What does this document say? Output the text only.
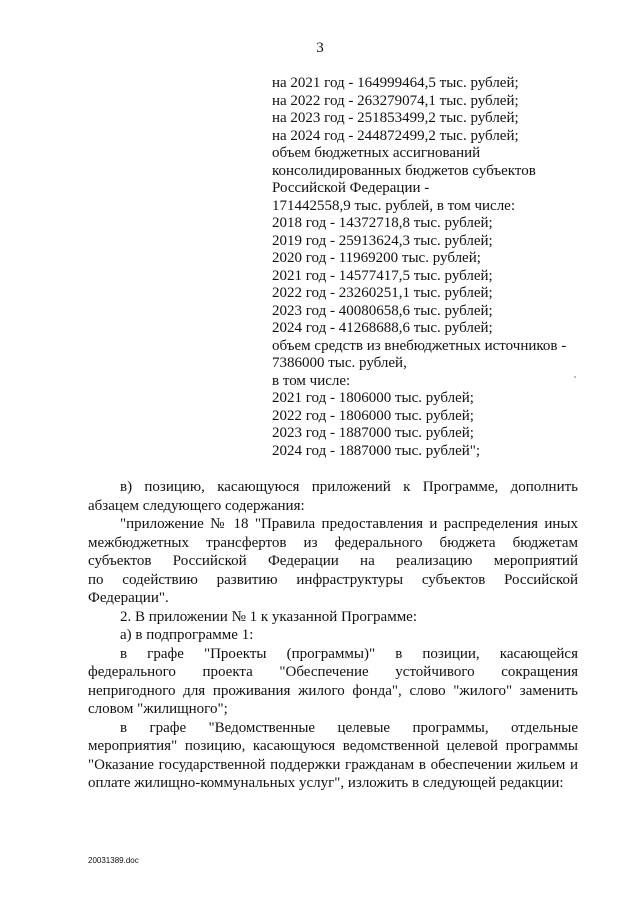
3
на 2021 год - 164999464,5 тыс. рублей;
на 2022 год - 263279074,1 тыс. рублей;
на 2023 год - 251853499,2 тыс. рублей;
на 2024 год - 244872499,2 тыс. рублей;
объем бюджетных ассигнований
консолидированных бюджетов субъектов
Российской Федерации -
171442558,9 тыс. рублей, в том числе:
2018 год - 14372718,8 тыс. рублей;
2019 год - 25913624,3 тыс. рублей;
2020 год - 11969200 тыс. рублей;
2021 год - 14577417,5 тыс. рублей;
2022 год - 23260251,1 тыс. рублей;
2023 год - 40080658,6 тыс. рублей;
2024 год - 41268688,6 тыс. рублей;
объем средств из внебюджетных источников -
7386000 тыс. рублей,
в том числе:
2021 год - 1806000 тыс. рублей;
2022 год - 1806000 тыс. рублей;
2023 год - 1887000 тыс. рублей;
2024 год - 1887000 тыс. рублей";
в) позицию, касающуюся приложений к Программе, дополнить
абзацем следующего содержания:
"приложение № 18 "Правила предоставления и распределения иных
межбюджетных трансфертов из федерального бюджета бюджетам
субъектов Российской Федерации на реализацию мероприятий
по содействию развитию инфраструктуры субъектов Российской
Федерации".
2. В приложении № 1 к указанной Программе:
а) в подпрограмме 1:
в графе "Проекты (программы)" в позиции, касающейся
федерального проекта "Обеспечение устойчивого сокращения
непригодного для проживания жилого фонда", слово "жилого" заменить
словом "жилищного";
в графе "Ведомственные целевые программы, отдельные
мероприятия" позицию, касающуюся ведомственной целевой программы
"Оказание государственной поддержки гражданам в обеспечении жильем и
оплате жилищно-коммунальных услуг", изложить в следующей редакции:
20031389.doc
